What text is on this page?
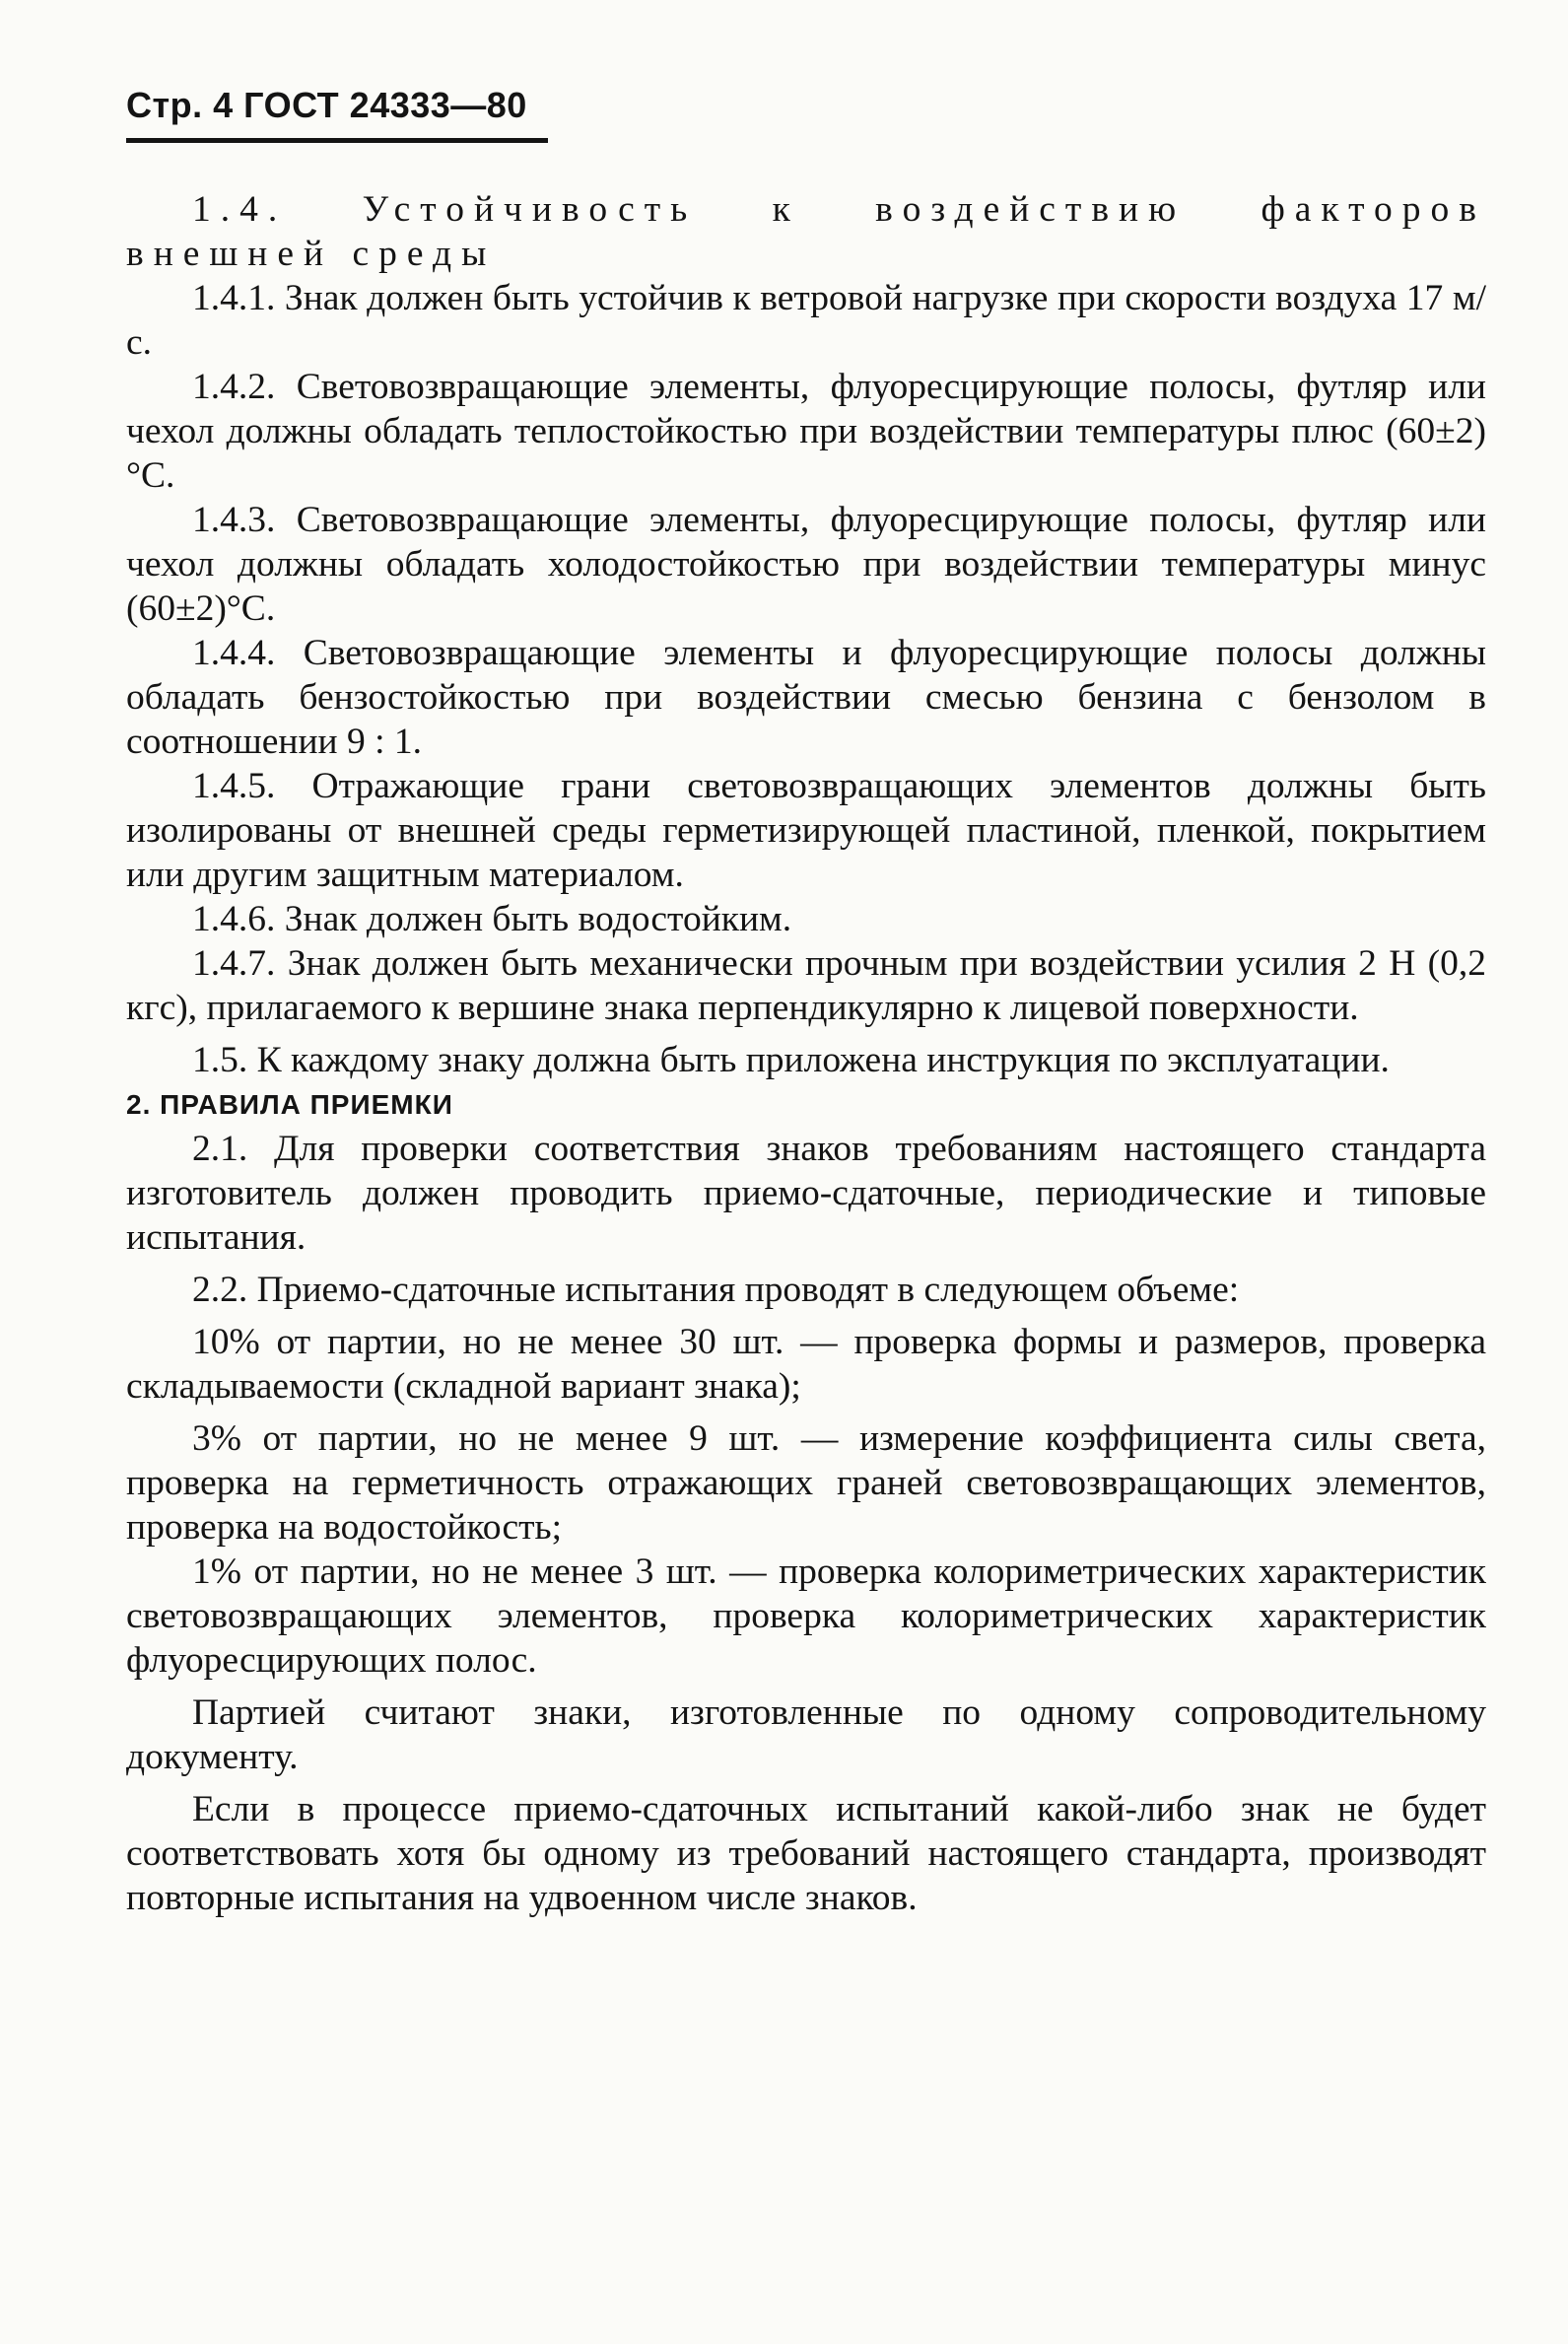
Стр. 4 ГОСТ 24333—80

1.4. Устойчивость к воздействию факторов

внешней среды

1.4.1. Знак должен быть устойчив к ветровой нагрузке при скорости воздуха 17 м/с.

1.4.2. Световозвращающие элементы, флуоресцирующие полосы, футляр или чехол должны обладать теплостойкостью при воздействии температуры плюс (60±2)°С.

1.4.3. Световозвращающие элементы, флуоресцирующие полосы, футляр или чехол должны обладать холодостойкостью при воздействии температуры минус (60±2)°С.

1.4.4. Световозвращающие элементы и флуоресцирующие полосы должны обладать бензостойкостью при воздействии смесью бензина с бензолом в соотношении 9 : 1.

1.4.5. Отражающие грани световозвращающих элементов должны быть изолированы от внешней среды герметизирующей пластиной, пленкой, покрытием или другим защитным материалом.

1.4.6. Знак должен быть водостойким.

1.4.7. Знак должен быть механически прочным при воздействии усилия 2 Н (0,2 кгс), прилагаемого к вершине знака перпендикулярно к лицевой поверхности.

1.5. К каждому знаку должна быть приложена инструкция по эксплуатации.

2. ПРАВИЛА ПРИЕМКИ

2.1. Для проверки соответствия знаков требованиям настоящего стандарта изготовитель должен проводить приемо-сдаточные, периодические и типовые испытания.

2.2. Приемо-сдаточные испытания проводят в следующем объеме:

10% от партии, но не менее 30 шт. — проверка формы и размеров, проверка складываемости (складной вариант знака);

3% от партии, но не менее 9 шт. — измерение коэффициента силы света, проверка на герметичность отражающих граней световозвращающих элементов, проверка на водостойкость;

1% от партии, но не менее 3 шт. — проверка колориметрических характеристик световозвращающих элементов, проверка колориметрических характеристик флуоресцирующих полос.

Партией считают знаки, изготовленные по одному сопроводительному документу.

Если в процессе приемо-сдаточных испытаний какой-либо знак не будет соответствовать хотя бы одному из требований настоящего стандарта, производят повторные испытания на удвоенном числе знаков.
